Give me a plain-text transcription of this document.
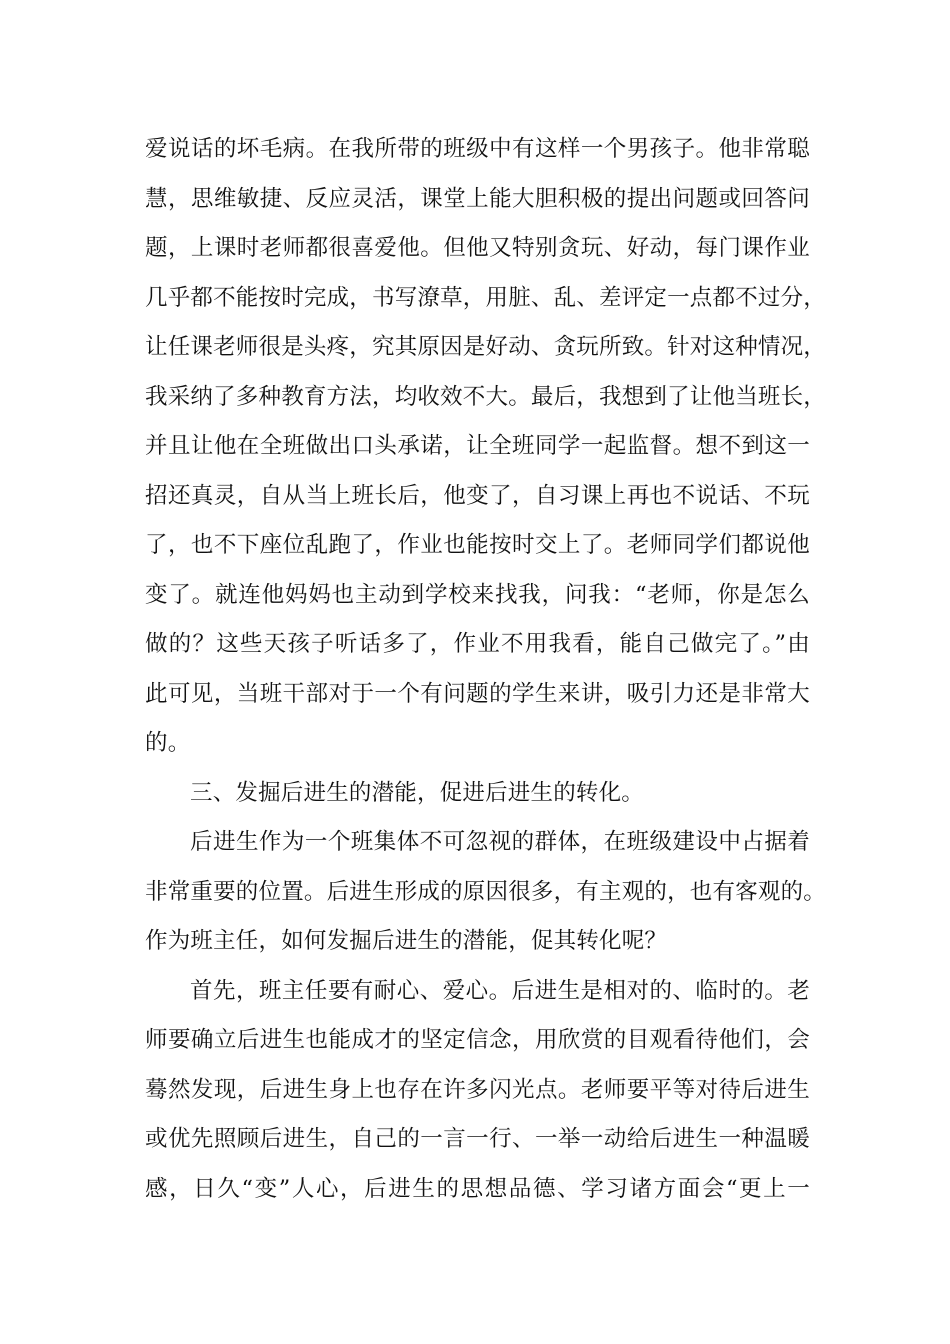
爱说话的坏毛病。在我所带的班级中有这样一个男孩子。他非常聪
慧，思维敏捷、反应灵活，课堂上能大胆积极的提出问题或回答问
题，上课时老师都很喜爱他。但他又特别贪玩、好动，每门课作业
几乎都不能按时完成，书写潦草，用脏、乱、差评定一点都不过分，
让任课老师很是头疼，究其原因是好动、贪玩所致。针对这种情况，
我采纳了多种教育方法，均收效不大。最后，我想到了让他当班长，
并且让他在全班做出口头承诺，让全班同学一起监督。想不到这一
招还真灵，自从当上班长后，他变了，自习课上再也不说话、不玩
了，也不下座位乱跑了，作业也能按时交上了。老师同学们都说他
变了。就连他妈妈也主动到学校来找我，问我：“老师，你是怎么
做的？这些天孩子听话多了，作业不用我看，能自己做完了。”由
此可见，当班干部对于一个有问题的学生来讲，吸引力还是非常大
的。
三、发掘后进生的潜能，促进后进生的转化。
后进生作为一个班集体不可忽视的群体，在班级建设中占据着
非常重要的位置。后进生形成的原因很多，有主观的，也有客观的。
作为班主任，如何发掘后进生的潜能，促其转化呢？
首先，班主任要有耐心、爱心。后进生是相对的、临时的。老
师要确立后进生也能成才的坚定信念，用欣赏的目观看待他们，会
蓦然发现，后进生身上也存在许多闪光点。老师要平等对待后进生
或优先照顾后进生，自己的一言一行、一举一动给后进生一种温暖
感，日久“变”人心，后进生的思想品德、学习诸方面会“更上一
